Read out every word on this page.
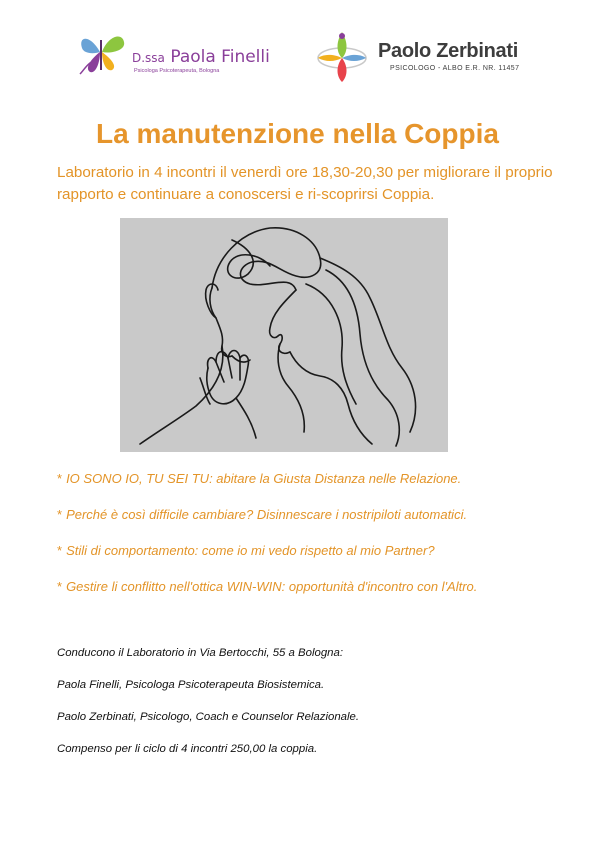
D.ssa Paola Finelli
Psicologa Psicoterapeuta, Bologna
Paolo Zerbinati
PSICOLOGO - ALBO E.R. NR. 11457
La manutenzione nella Coppia
Laboratorio in 4 incontri il venerdì ore 18,30-20,30 per migliorare il proprio rapporto e continuare a conoscersi e ri-scoprirsi Coppia.
* IO SONO IO, TU SEI TU: abitare la Giusta Distanza nelle Relazione.
* Perché è così difficile cambiare? Disinnescare i nostripiloti automatici.
* Stili di comportamento: come io mi vedo rispetto al mio Partner?
* Gestire li conflitto nell'ottica WIN-WIN: opportunità d'incontro con l'Altro.

Conducono il Laboratorio in Via Bertocchi, 55 a Bologna:

Paola Finelli, Psicologa Psicoterapeuta Biosistemica.

Paolo Zerbinati, Psicologo, Coach e Counselor Relazionale.

Compenso per li ciclo di 4 incontri 250,00 la coppia.
